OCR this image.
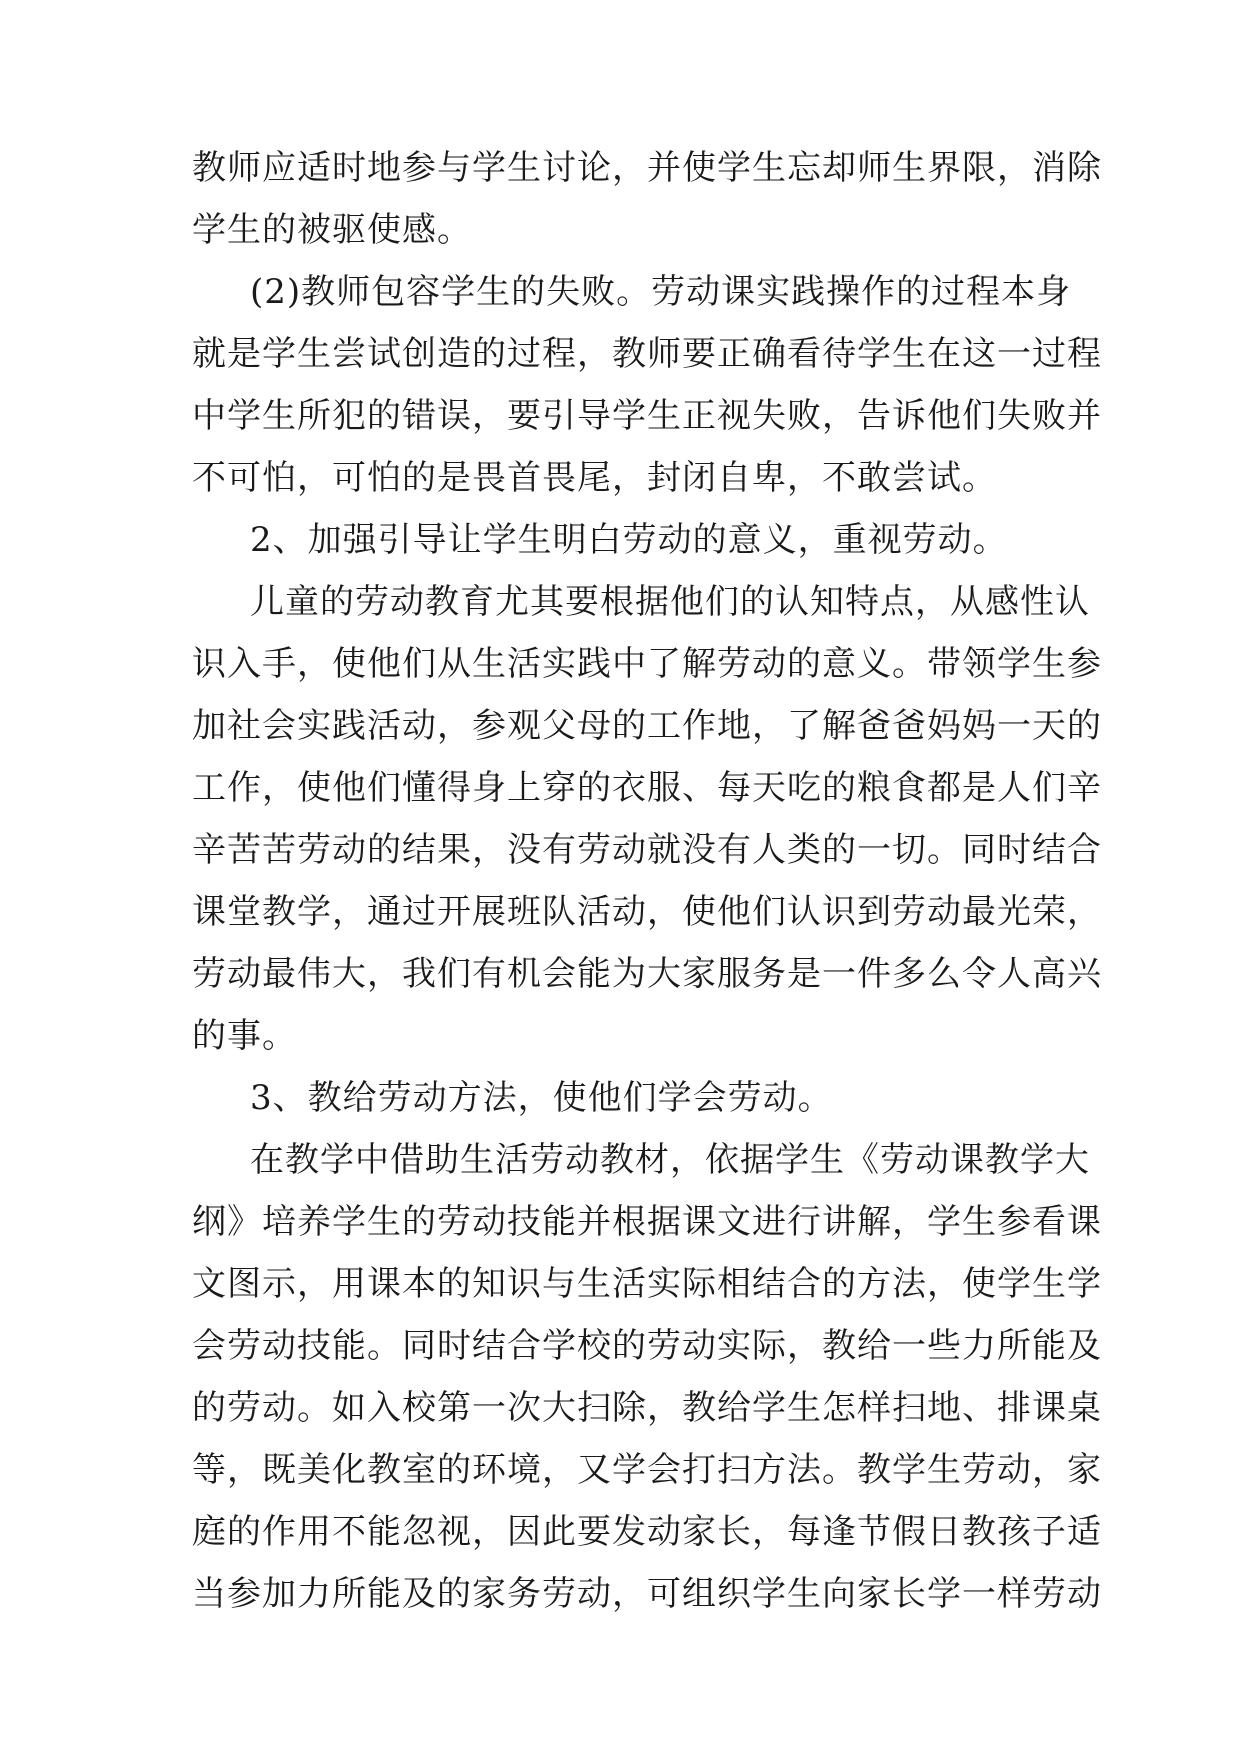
教师应适时地参与学生讨论，并使学生忘却师生界限，消除
学生的被驱使感。
(2)教师包容学生的失败。劳动课实践操作的过程本身
就是学生尝试创造的过程，教师要正确看待学生在这一过程
中学生所犯的错误，要引导学生正视失败，告诉他们失败并
不可怕，可怕的是畏首畏尾，封闭自卑，不敢尝试。
2、加强引导让学生明白劳动的意义，重视劳动。
儿童的劳动教育尤其要根据他们的认知特点，从感性认
识入手，使他们从生活实践中了解劳动的意义。带领学生参
加社会实践活动，参观父母的工作地，了解爸爸妈妈一天的
工作，使他们懂得身上穿的衣服、每天吃的粮食都是人们辛
辛苦苦劳动的结果，没有劳动就没有人类的一切。同时结合
课堂教学，通过开展班队活动，使他们认识到劳动最光荣，
劳动最伟大，我们有机会能为大家服务是一件多么令人高兴
的事。
3、教给劳动方法，使他们学会劳动。
在教学中借助生活劳动教材，依据学生《劳动课教学大
纲》培养学生的劳动技能并根据课文进行讲解，学生参看课
文图示，用课本的知识与生活实际相结合的方法，使学生学
会劳动技能。同时结合学校的劳动实际，教给一些力所能及
的劳动。如入校第一次大扫除，教给学生怎样扫地、排课桌
等，既美化教室的环境，又学会打扫方法。教学生劳动，家
庭的作用不能忽视，因此要发动家长，每逢节假日教孩子适
当参加力所能及的家务劳动，可组织学生向家长学一样劳动
